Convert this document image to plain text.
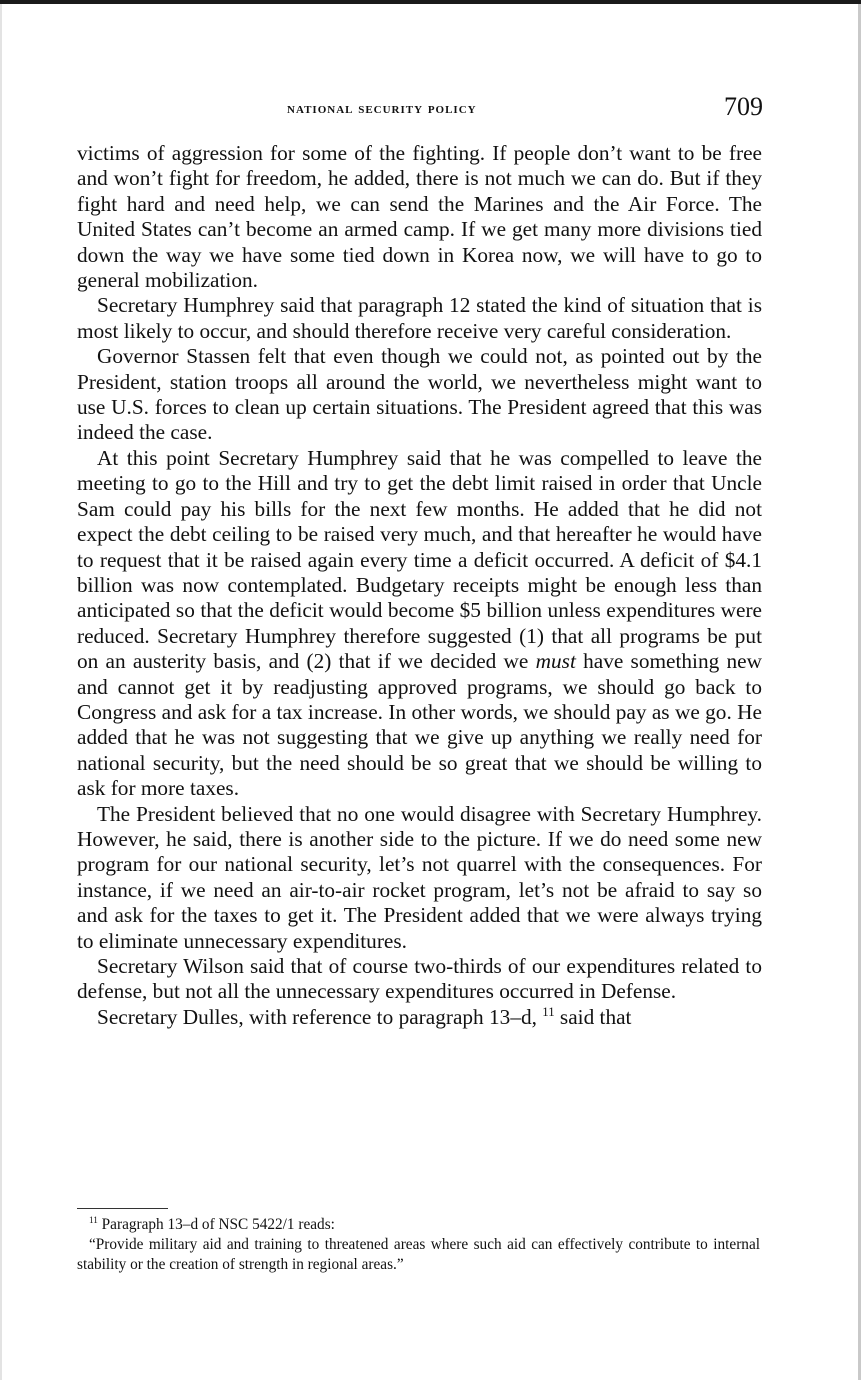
national security policy	709

victims of aggression for some of the fighting. If people don’t want to be free and won’t fight for freedom, he added, there is not much we can do. But if they fight hard and need help, we can send the Marines and the Air Force. The United States can’t become an armed camp. If we get many more divisions tied down the way we have some tied down in Korea now, we will have to go to general mobilization.

Secretary Humphrey said that paragraph 12 stated the kind of situation that is most likely to occur, and should therefore receive very careful consideration.

Governor Stassen felt that even though we could not, as pointed out by the President, station troops all around the world, we nevertheless might want to use U.S. forces to clean up certain situations. The President agreed that this was indeed the case.

At this point Secretary Humphrey said that he was compelled to leave the meeting to go to the Hill and try to get the debt limit raised in order that Uncle Sam could pay his bills for the next few months. He added that he did not expect the debt ceiling to be raised very much, and that hereafter he would have to request that it be raised again every time a deficit occurred. A deficit of $4.1 billion was now contemplated. Budgetary receipts might be enough less than anticipated so that the deficit would become $5 billion unless expenditures were reduced. Secretary Humphrey therefore suggested (1) that all programs be put on an austerity basis, and (2) that if we decided we must have something new and cannot get it by readjusting approved programs, we should go back to Congress and ask for a tax increase. In other words, we should pay as we go. He added that he was not suggesting that we give up anything we really need for national security, but the need should be so great that we should be willing to ask for more taxes.

The President believed that no one would disagree with Secretary Humphrey. However, he said, there is another side to the picture. If we do need some new program for our national security, let’s not quarrel with the consequences. For instance, if we need an air-to-air rocket program, let’s not be afraid to say so and ask for the taxes to get it. The President added that we were always trying to eliminate unnecessary expenditures.

Secretary Wilson said that of course two-thirds of our expenditures related to defense, but not all the unnecessary expenditures occurred in Defense.

Secretary Dulles, with reference to paragraph 13–d, $^{11}$ said that

$^{11}$ Paragraph 13–d of NSC 5422/1 reads:

“Provide military aid and training to threatened areas where such aid can effectively contribute to internal stability or the creation of strength in regional areas.”
